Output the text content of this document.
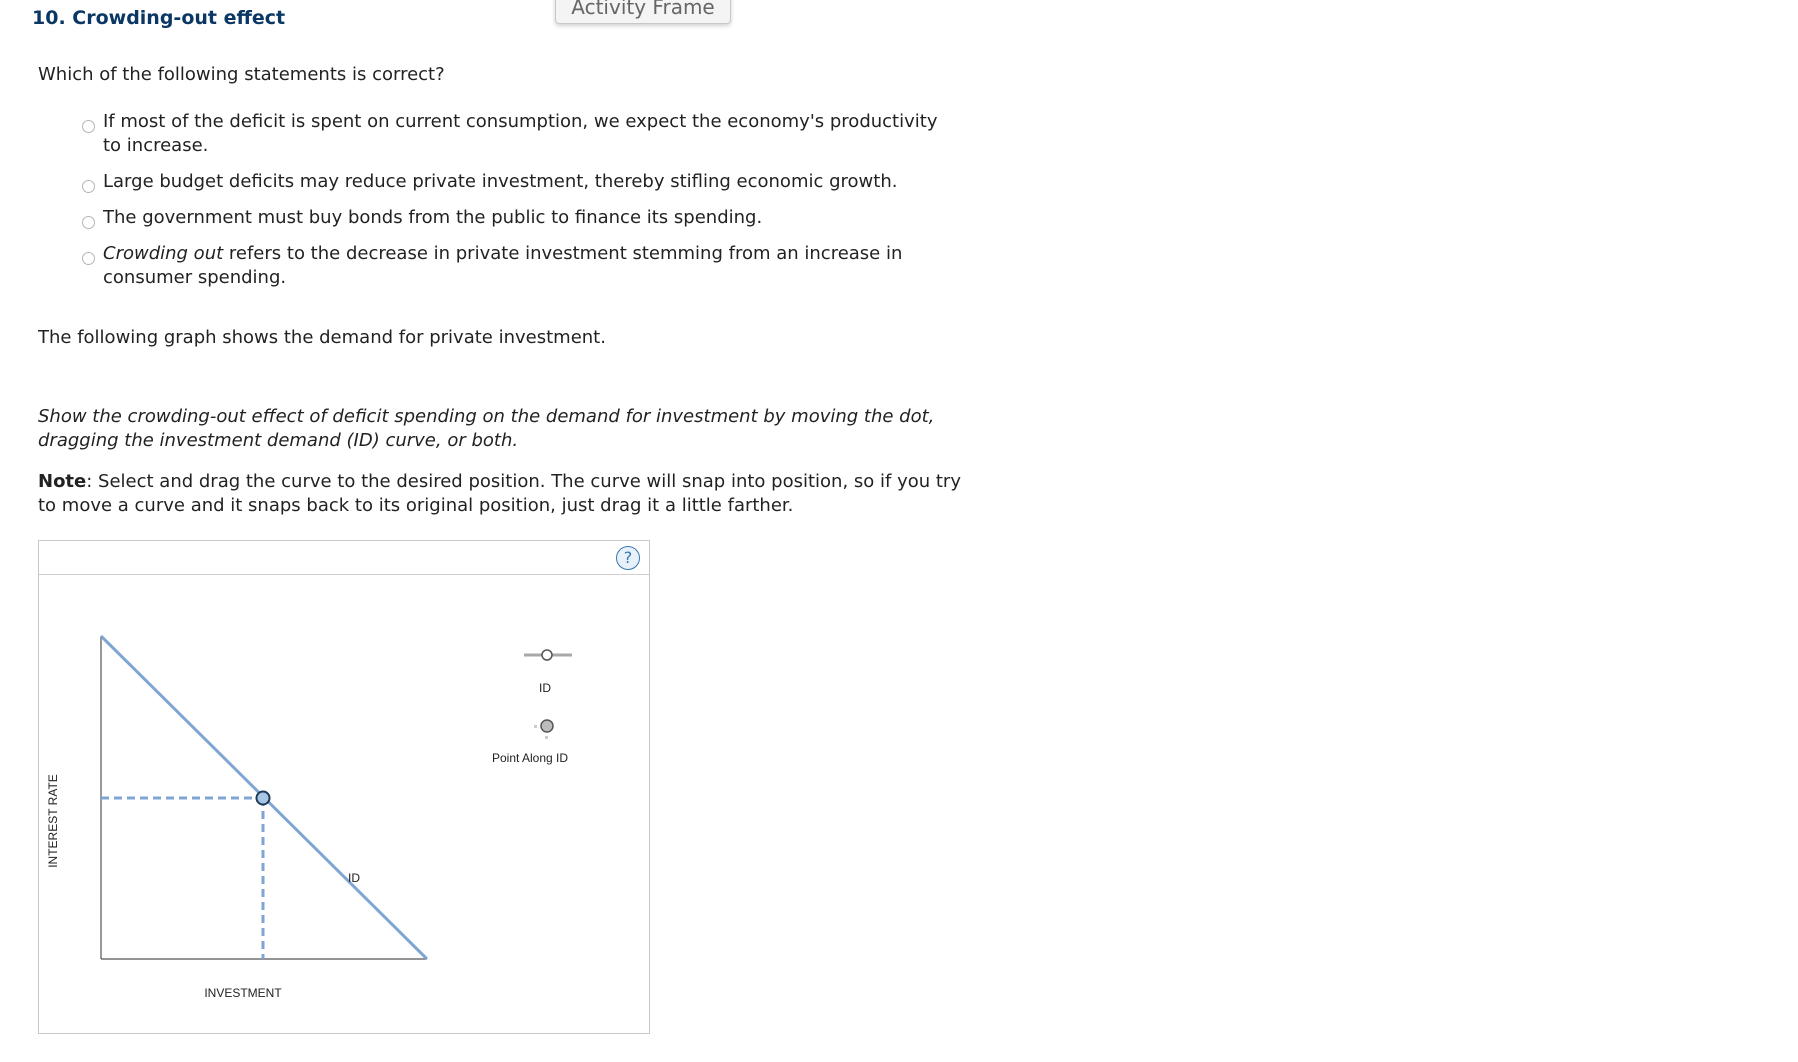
Activity Frame
10. Crowding-out effect
Which of the following statements is correct?
If most of the deficit is spent on current consumption, we expect the economy's productivity to increase.
Large budget deficits may reduce private investment, thereby stifling economic growth.
The government must buy bonds from the public to finance its spending.
Crowding out refers to the decrease in private investment stemming from an increase in consumer spending.
The following graph shows the demand for private investment.
Show the crowding-out effect of deficit spending on the demand for investment by moving the dot, dragging the investment demand (ID) curve, or both.
Note: Select and drag the curve to the desired position. The curve will snap into position, so if you try to move a curve and it snaps back to its original position, just drag it a little farther.
?
ID
INTEREST RATE
INVESTMENT
ID
Point Along ID
